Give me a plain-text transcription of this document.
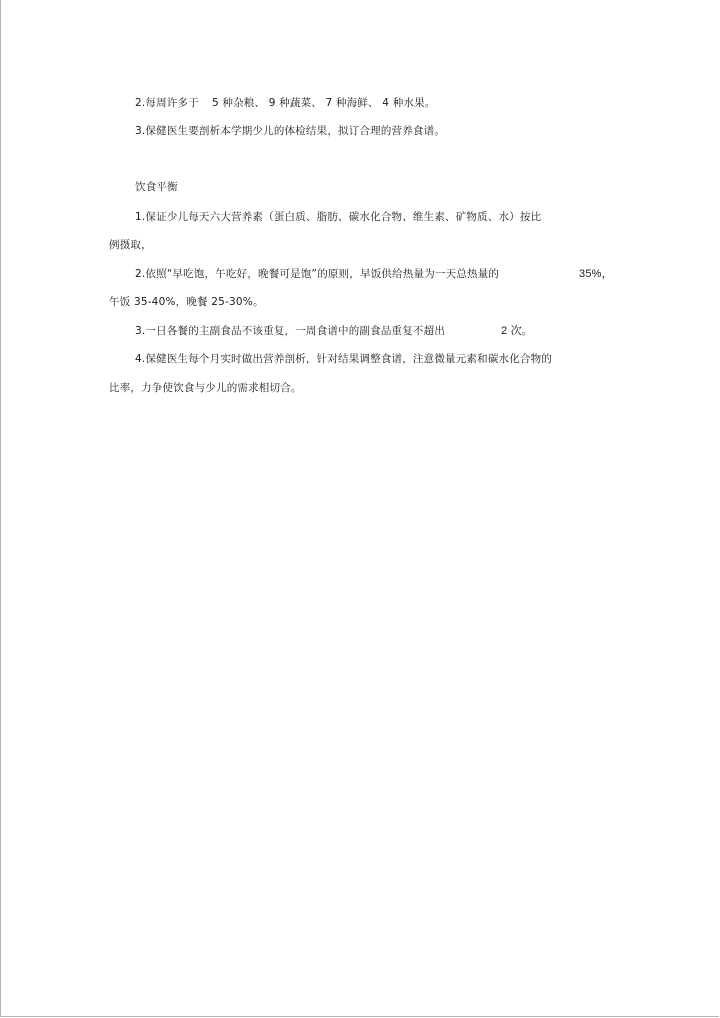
2.每周许多于 5 种杂粮、 9 种蔬菜、 7 种海鲜、 4 种水果。
3.保健医生要剖析本学期少儿的体检结果，拟订合理的营养食谱。
饮食平衡
1.保证少儿每天六大营养素（蛋白质、脂肪、碳水化合物、维生素、矿物质、水）按比
例摄取，
2.依照“早吃饱，午吃好，晚餐可是饱”的原则，早饭供给热量为一天总热量的	35%，
午饭 35-40%，晚餐 25-30%。
3.一日各餐的主副食品不该重复，一周食谱中的副食品重复不超出	2 次。
4.保健医生每个月实时做出营养剖析，针对结果调整食谱，注意微量元素和碳水化合物的
比率，力争使饮食与少儿的需求相切合。
